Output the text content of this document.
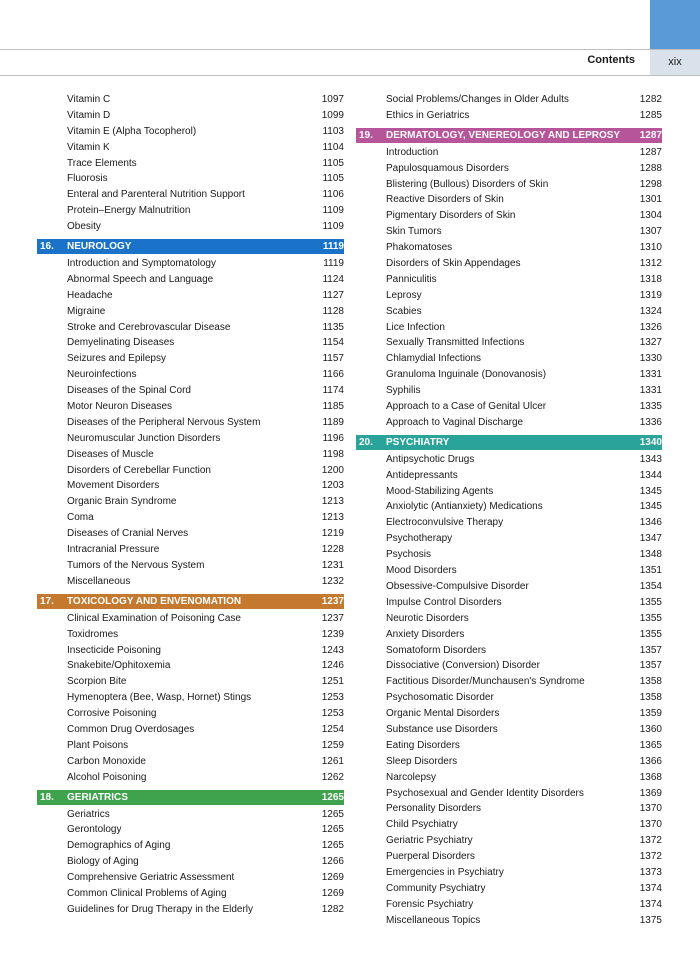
Contents	xix
Vitamin C	1097
Vitamin D	1099
Vitamin E (Alpha Tocopherol)	1103
Vitamin K	1104
Trace Elements	1105
Fluorosis	1105
Enteral and Parenteral Nutrition Support	1106
Protein–Energy Malnutrition	1109
Obesity	1109
16. NEUROLOGY	1119
Introduction and Symptomatology	1119
Abnormal Speech and Language	1124
Headache	1127
Migraine	1128
Stroke and Cerebrovascular Disease	1135
Demyelinating Diseases	1154
Seizures and Epilepsy	1157
Neuroinfections	1166
Diseases of the Spinal Cord	1174
Motor Neuron Diseases	1185
Diseases of the Peripheral Nervous System	1189
Neuromuscular Junction Disorders	1196
Diseases of Muscle	1198
Disorders of Cerebellar Function	1200
Movement Disorders	1203
Organic Brain Syndrome	1213
Coma	1213
Diseases of Cranial Nerves	1219
Intracranial Pressure	1228
Tumors of the Nervous System	1231
Miscellaneous	1232
17. TOXICOLOGY AND ENVENOMATION	1237
Clinical Examination of Poisoning Case	1237
Toxidromes	1239
Insecticide Poisoning	1243
Snakebite/Ophitoxemia	1246
Scorpion Bite	1251
Hymenoptera (Bee, Wasp, Hornet) Stings	1253
Corrosive Poisoning	1253
Common Drug Overdosages	1254
Plant Poisons	1259
Carbon Monoxide	1261
Alcohol Poisoning	1262
18. GERIATRICS	1265
Geriatrics	1265
Gerontology	1265
Demographics of Aging	1265
Biology of Aging	1266
Comprehensive Geriatric Assessment	1269
Common Clinical Problems of Aging	1269
Guidelines for Drug Therapy in the Elderly	1282
Social Problems/Changes in Older Adults	1282
Ethics in Geriatrics	1285
19. DERMATOLOGY, VENEREOLOGY AND LEPROSY 1287
Introduction	1287
Papulosquamous Disorders	1288
Blistering (Bullous) Disorders of Skin	1298
Reactive Disorders of Skin	1301
Pigmentary Disorders of Skin	1304
Skin Tumors	1307
Phakomatoses	1310
Disorders of Skin Appendages	1312
Panniculitis	1318
Leprosy	1319
Scabies	1324
Lice Infection	1326
Sexually Transmitted Infections	1327
Chlamydial Infections	1330
Granuloma Inguinale (Donovanosis)	1331
Syphilis	1331
Approach to a Case of Genital Ulcer	1335
Approach to Vaginal Discharge	1336
20. PSYCHIATRY	1340
Antipsychotic Drugs	1343
Antidepressants	1344
Mood-Stabilizing Agents	1345
Anxiolytic (Antianxiety) Medications	1345
Electroconvulsive Therapy	1346
Psychotherapy	1347
Psychosis	1348
Mood Disorders	1351
Obsessive-Compulsive Disorder	1354
Impulse Control Disorders	1355
Neurotic Disorders	1355
Anxiety Disorders	1355
Somatoform Disorders	1357
Dissociative (Conversion) Disorder	1357
Factitious Disorder/Munchausen's Syndrome	1358
Psychosomatic Disorder	1358
Organic Mental Disorders	1359
Substance use Disorders	1360
Eating Disorders	1365
Sleep Disorders	1366
Narcolepsy	1368
Psychosexual and Gender Identity Disorders	1369
Personality Disorders	1370
Child Psychiatry	1370
Geriatric Psychiatry	1372
Puerperal Disorders	1372
Emergencies in Psychiatry	1373
Community Psychiatry	1374
Forensic Psychiatry	1374
Miscellaneous Topics	1375
